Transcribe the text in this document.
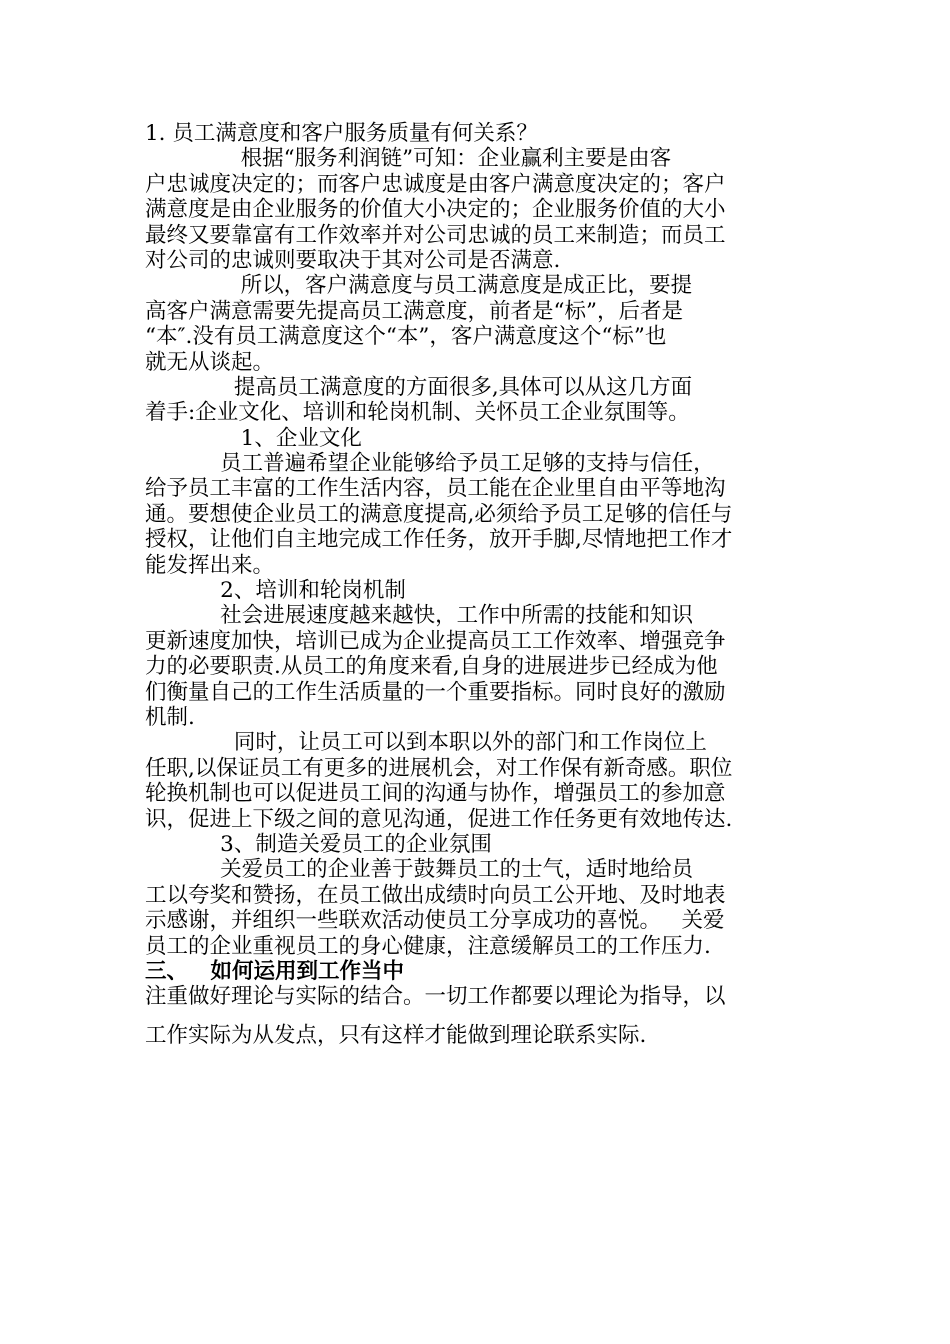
1. 员工满意度和客户服务质量有何关系？
根据“服务利润链”可知：企业赢利主要是由客
户忠诚度决定的；而客户忠诚度是由客户满意度决定的；客户
满意度是由企业服务的价值大小决定的；企业服务价值的大小
最终又要靠富有工作效率并对公司忠诚的员工来制造；而员工
对公司的忠诚则要取决于其对公司是否满意.
所以，客户满意度与员工满意度是成正比，要提
高客户满意需要先提高员工满意度，前者是“标”，后者是
“本″.没有员工满意度这个“本”，客户满意度这个“标”也
就无从谈起。
提高员工满意度的方面很多,具体可以从这几方面
着手:企业文化、培训和轮岗机制、关怀员工企业氛围等。
1、企业文化
员工普遍希望企业能够给予员工足够的支持与信任，
给予员工丰富的工作生活内容，员工能在企业里自由平等地沟
通。要想使企业员工的满意度提高,必须给予员工足够的信任与
授权，让他们自主地完成工作任务，放开手脚,尽情地把工作才
能发挥出来。
2、培训和轮岗机制
社会进展速度越来越快，工作中所需的技能和知识
更新速度加快，培训已成为企业提高员工工作效率、增强竞争
力的必要职责.从员工的角度来看,自身的进展进步已经成为他
们衡量自己的工作生活质量的一个重要指标。同时良好的激励
机制.
同时，让员工可以到本职以外的部门和工作岗位上
任职,以保证员工有更多的进展机会，对工作保有新奇感。职位
轮换机制也可以促进员工间的沟通与协作，增强员工的参加意
识，促进上下级之间的意见沟通，促进工作任务更有效地传达.
3、制造关爱员工的企业氛围
关爱员工的企业善于鼓舞员工的士气，适时地给员
工以夸奖和赞扬，在员工做出成绩时向员工公开地、及时地表
示感谢，并组织一些联欢活动使员工分享成功的喜悦。   关爱
员工的企业重视员工的身心健康，注意缓解员工的工作压力.
三、   如何运用到工作当中
注重做好理论与实际的结合。一切工作都要以理论为指导，以
工作实际为从发点，只有这样才能做到理论联系实际.
